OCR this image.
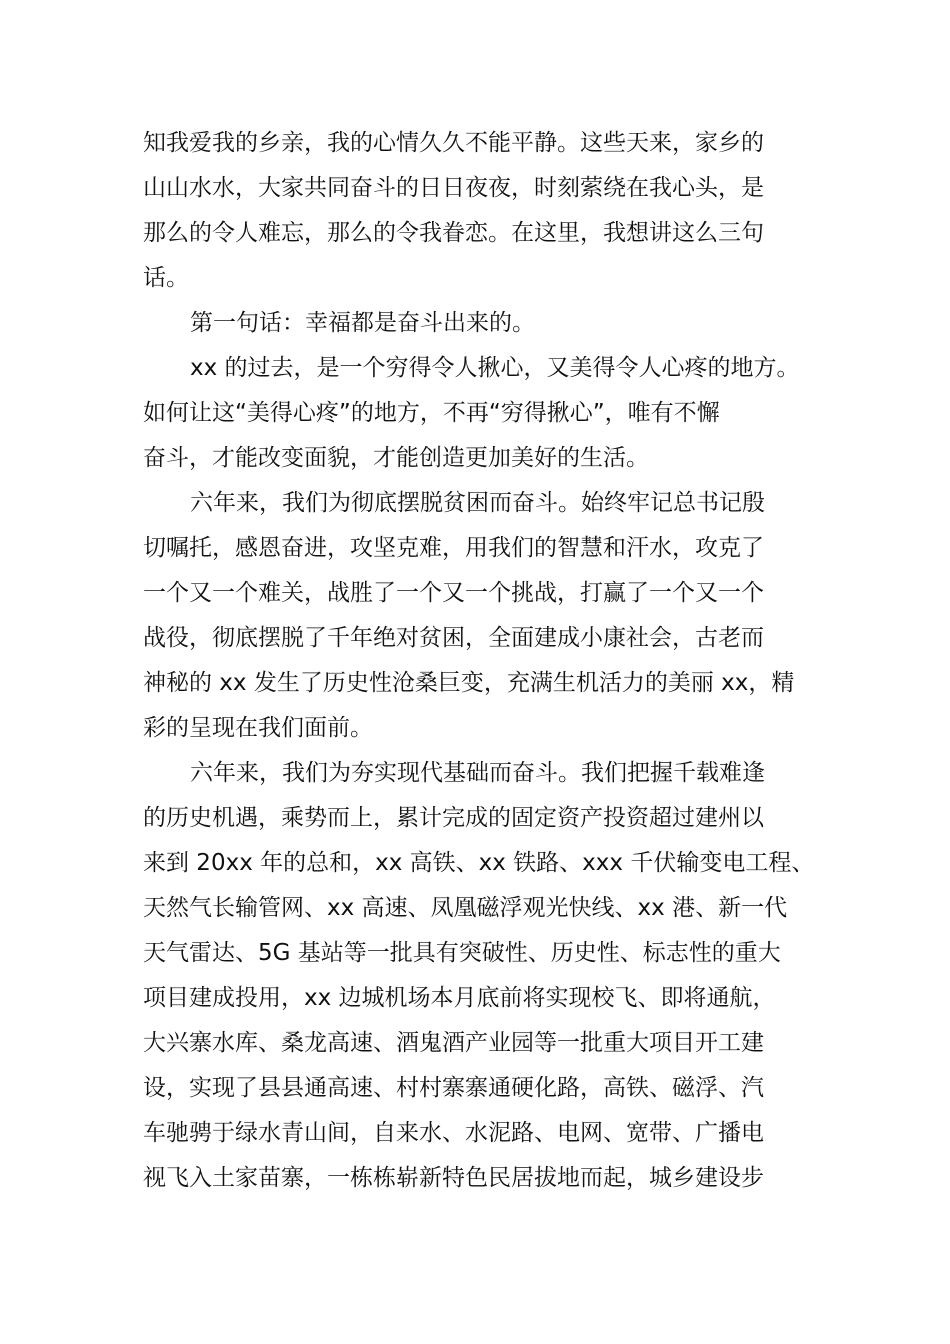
知我爱我的乡亲，我的心情久久不能平静。这些天来，家乡的
山山水水，大家共同奋斗的日日夜夜，时刻萦绕在我心头，是
那么的令人难忘，那么的令我眷恋。在这里，我想讲这么三句
话。
第一句话：幸福都是奋斗出来的。
xx 的过去，是一个穷得令人揪心，又美得令人心疼的地方。
如何让这“美得心疼”的地方，不再“穷得揪心”，唯有不懈
奋斗，才能改变面貌，才能创造更加美好的生活。
六年来，我们为彻底摆脱贫困而奋斗。始终牢记总书记殷
切嘱托，感恩奋进，攻坚克难，用我们的智慧和汗水，攻克了
一个又一个难关，战胜了一个又一个挑战，打赢了一个又一个
战役，彻底摆脱了千年绝对贫困，全面建成小康社会，古老而
神秘的 xx 发生了历史性沧桑巨变，充满生机活力的美丽 xx，精
彩的呈现在我们面前。
六年来，我们为夯实现代基础而奋斗。我们把握千载难逢
的历史机遇，乘势而上，累计完成的固定资产投资超过建州以
来到 20xx 年的总和，xx 高铁、xx 铁路、xxx 千伏输变电工程、
天然气长输管网、xx 高速、凤凰磁浮观光快线、xx 港、新一代
天气雷达、5G 基站等一批具有突破性、历史性、标志性的重大
项目建成投用，xx 边城机场本月底前将实现校飞、即将通航，
大兴寨水库、桑龙高速、酒鬼酒产业园等一批重大项目开工建
设，实现了县县通高速、村村寨寨通硬化路，高铁、磁浮、汽
车驰骋于绿水青山间，自来水、水泥路、电网、宽带、广播电
视飞入土家苗寨，一栋栋崭新特色民居拔地而起，城乡建设步
